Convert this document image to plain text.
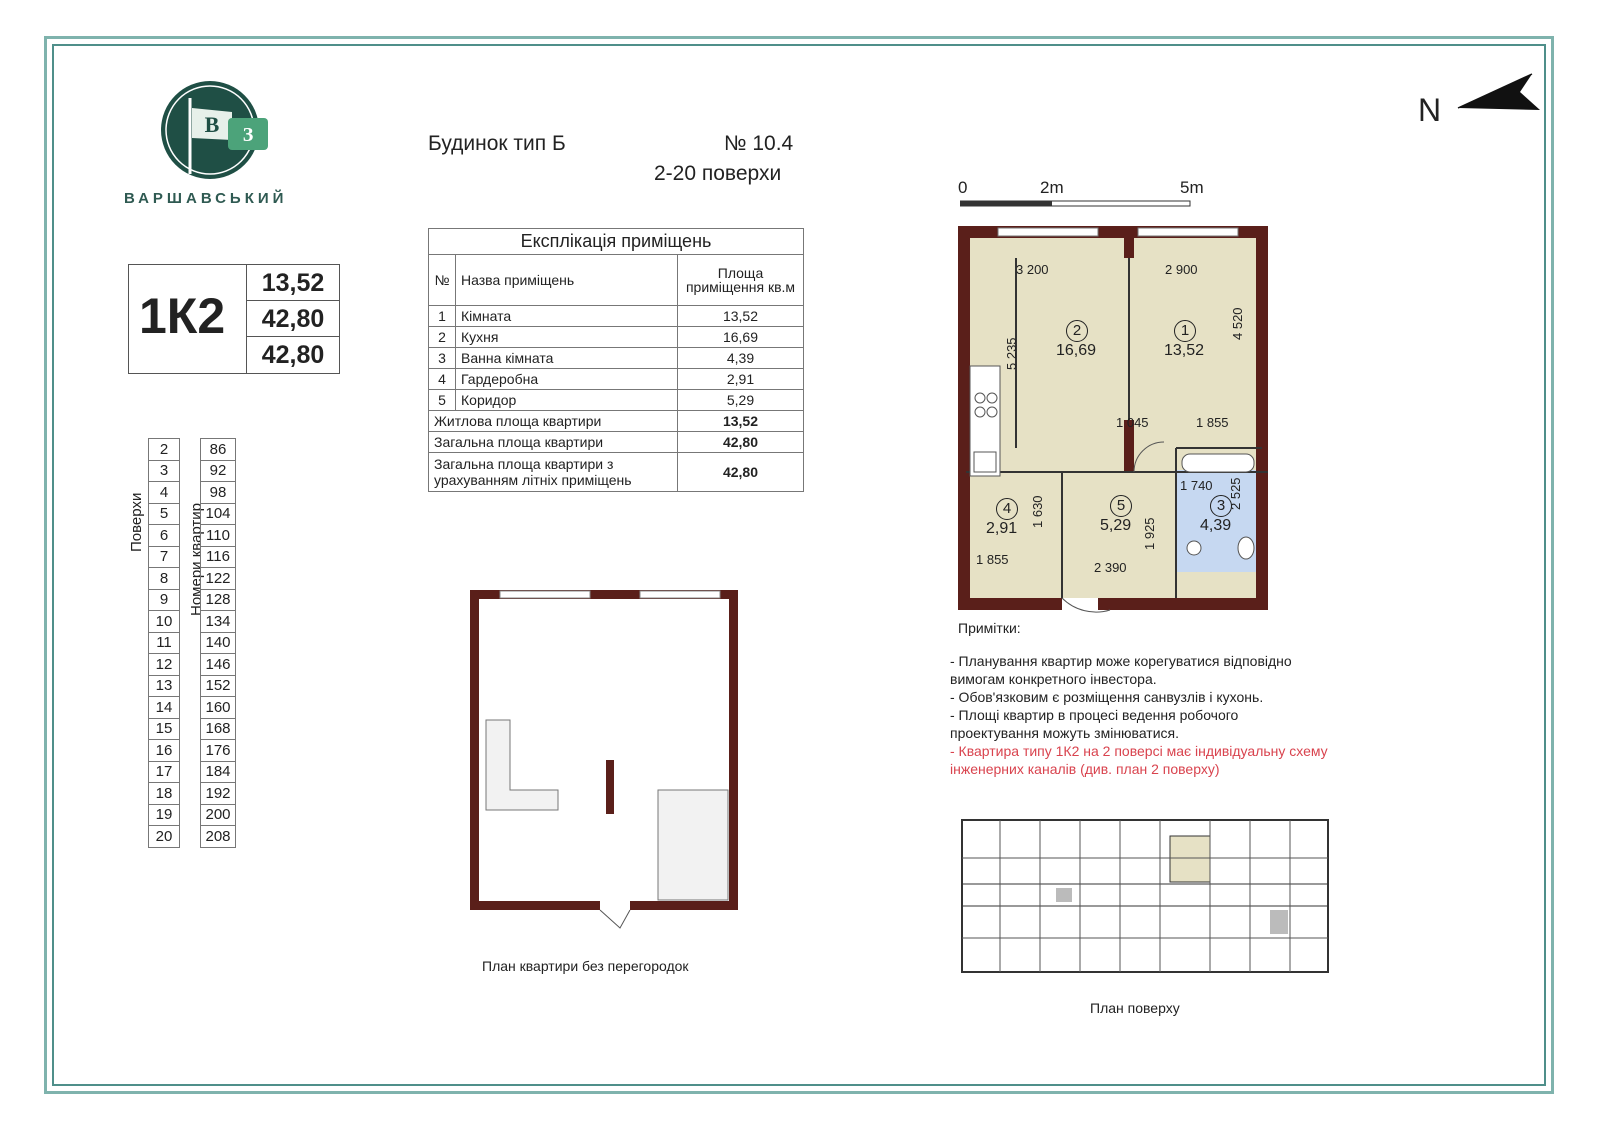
В З
ВАРШАВСЬКИЙ
Будинок тип Б	№ 10.4
2-20 поверхи
1К2
13,52
42,80
42,80
Експлікація приміщень		
№	Назва приміщень	Площа приміщення кв.м
1	Кімната	13,52
2	Кухня	16,69
3	Ванна кімната	4,39
4	Гардеробна	2,91
5	Коридор	5,29
Житлова площа квартири		13,52
Загальна площа квартири		42,80
Загальна площа квартири з урахуванням літніх приміщень		42,80
Поверхи	Номери квартир
	2		86
	3		92
	4		98
	5		104
	6		110
	7		116
	8		122
	9		128
	10		134
	11		140
	12		146
	13		152
	14		160
	15		168
	16		176
	17		184
	18		192
	19		200
	20		208
N
0	2m	5m
3 200	2 900
5 235
4 520
1 045	1 855
1 740
1 630
1 855
1 925
2 390
2 525
2
16,69
1
13,52
4
2,91
5
5,29
3
4,39
Примітки:

- Планування квартир може корегуватися відповідно вимогам конкретного інвестора.

- Обов'язковим є розміщення санвузлів і кухонь.

- Площі квартир в процесі ведення робочого проектування можуть змінюватися.

- Квартира типу 1К2 на 2 поверсі має індивідуальну схему інженерних каналів (див. план 2 поверху)

План квартири без перегородок
План поверху
